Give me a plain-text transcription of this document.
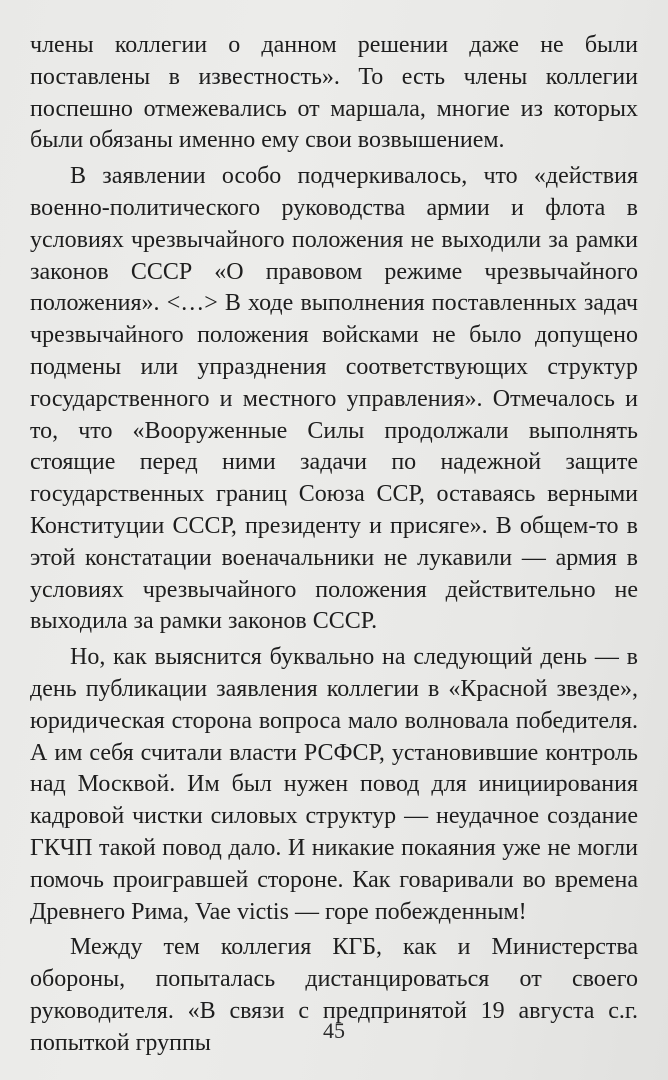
члены коллегии о данном решении даже не были поставлены в известность». То есть члены коллегии поспешно отмежевались от маршала, многие из которых были обязаны именно ему свои возвышением.

В заявлении особо подчеркивалось, что «действия военно-политического руководства армии и флота в условиях чрезвычайного положения не выходили за рамки законов СССР «О правовом режиме чрезвычайного положения». <…> В ходе выполнения поставленных задач чрезвычайного положения войсками не было допущено подмены или упразднения соответствующих структур государственного и местного управления». Отмечалось и то, что «Вооруженные Силы продолжали выполнять стоящие перед ними задачи по надежной защите государственных границ Союза ССР, оставаясь верными Конституции СССР, президенту и присяге». В общем-то в этой констатации военачальники не лукавили — армия в условиях чрезвычайного положения действительно не выходила за рамки законов СССР.

Но, как выяснится буквально на следующий день — в день публикации заявления коллегии в «Красной звезде», юридическая сторона вопроса мало волновала победителя. А им себя считали власти РСФСР, установившие контроль над Москвой. Им был нужен повод для инициирования кадровой чистки силовых структур — неудачное создание ГКЧП такой повод дало. И никакие покаяния уже не могли помочь проигравшей стороне. Как говаривали во времена Древнего Рима, Vae victis — горе побежденным!

Между тем коллегия КГБ, как и Министерства обороны, попыталась дистанцироваться от своего руководителя. «В связи с предпринятой 19 августа с.г. попыткой группы	45
